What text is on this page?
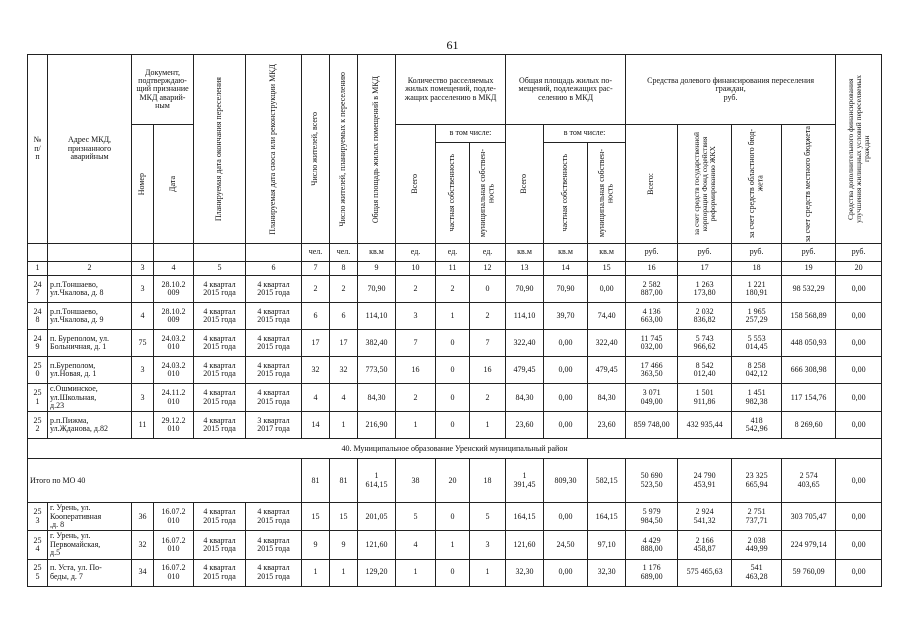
61
№
п/
п	Адрес МКД,
признанного
аварийным	Документ,
подтверждаю-
щий признание
МКД аварий-
ным		Планируемая дата окончания переселения	Планируемая дата сноса или реконструкции МКД	Число жителей, всего	Число жителей, планируемых к переселению	Общая площадь жилых помещений в МКД	Количество расселяемых
жилых помещений, подле-
жащих расселению в МКД			Общая площадь жилых по-
мещений, подлежащих рас-
селению в МКД			Средства долевого финансирования переселения
граждан,
руб.				Средства дополнительного финансирования
улучшения жилищных условий переселяемых
граждан

		Номер	Дата						Всего	в том числе:		Всего	в том числе:		Всего:	за счет средств государственной
корпорации Фонд содействия
реформированию ЖКХ	за счет средств областного бюд-
жета	за счет средств местного бюджета	

										частная собственность	муниципальная собствен-
ность		частная собственность	муниципальная собствен-
ность					

						чел.	чел.	кв.м	ед.	ед.	ед.	кв.м	кв.м	кв.м	руб.	руб.	руб.	руб.	руб.
1	2	3	4	5	6	7	8	9	10	11	12	13	14	15	16	17	18	19	20
24
7	р.п.Тоншаево,
ул.Чкалова, д. 8	3	28.10.2
009	4 квартал
2015 года	4 квартал
2015 года	2	2	70,90	2	2	0	70,90	70,90	0,00	2 582
887,00	1 263
173,80	1 221
180,91	98 532,29	0,00
24
8	р.п.Тоншаево,
ул.Чкалова, д. 9	4	28.10.2
009	4 квартал
2015 года	4 квартал
2015 года	6	6	114,10	3	1	2	114,10	39,70	74,40	4 136
663,00	2 032
836,82	1 965
257,29	158 568,89	0,00
24
9	п. Буреполом, ул.
Больничная, д. 1	75	24.03.2
010	4 квартал
2015 года	4 квартал
2015 года	17	17	382,40	7	0	7	322,40	0,00	322,40	11 745
032,00	5 743
966,62	5 553
014,45	448 050,93	0,00
25
0	п.Буреполом,
ул.Новая, д. 1	3	24.03.2
010	4 квартал
2015 года	4 квартал
2015 года	32	32	773,50	16	0	16	479,45	0,00	479,45	17 466
363,50	8 542
012,40	8 258
042,12	666 308,98	0,00
25
1	с.Ошминское,
ул.Школьная,
д.23	3	24.11.2
010	4 квартал
2015 года	4 квартал
2015 года	4	4	84,30	2	0	2	84,30	0,00	84,30	3 071
049,00	1 501
911,86	1 451
982,38	117 154,76	0,00
25
2	р.п.Пижма,
ул.Жданова, д.82	11	29.12.2
010	4 квартал
2015 года	3 квартал
2017 года	14	1	216,90	1	0	1	23,60	0,00	23,60	859 748,00	432 935,44	418
542,96	8 269,60	0,00
40. Муниципальное образование Уренский муниципальный район																			
Итого по МО 40						81	81	1
614,15	38	20	18	1
391,45	809,30	582,15	50 690
523,50	24 790
453,91	23 325
665,94	2 574
403,65	0,00
25
3	г. Урень, ул.
Кооперативная
,д. 8	36	16.07.2
010	4 квартал
2015 года	4 квартал
2015 года	15	15	201,05	5	0	5	164,15	0,00	164,15	5 979
984,50	2 924
541,32	2 751
737,71	303 705,47	0,00
25
4	г. Урень, ул.
Первомайская,
д.5	32	16.07.2
010	4 квартал
2015 года	4 квартал
2015 года	9	9	121,60	4	1	3	121,60	24,50	97,10	4 429
888,00	2 166
458,87	2 038
449,99	224 979,14	0,00
25
5	п. Уста, ул. По-
беды, д. 7	34	16.07.2
010	4 квартал
2015 года	4 квартал
2015 года	1	1	129,20	1	0	1	32,30	0,00	32,30	1 176
689,00	575 465,63	541
463,28	59 760,09	0,00
